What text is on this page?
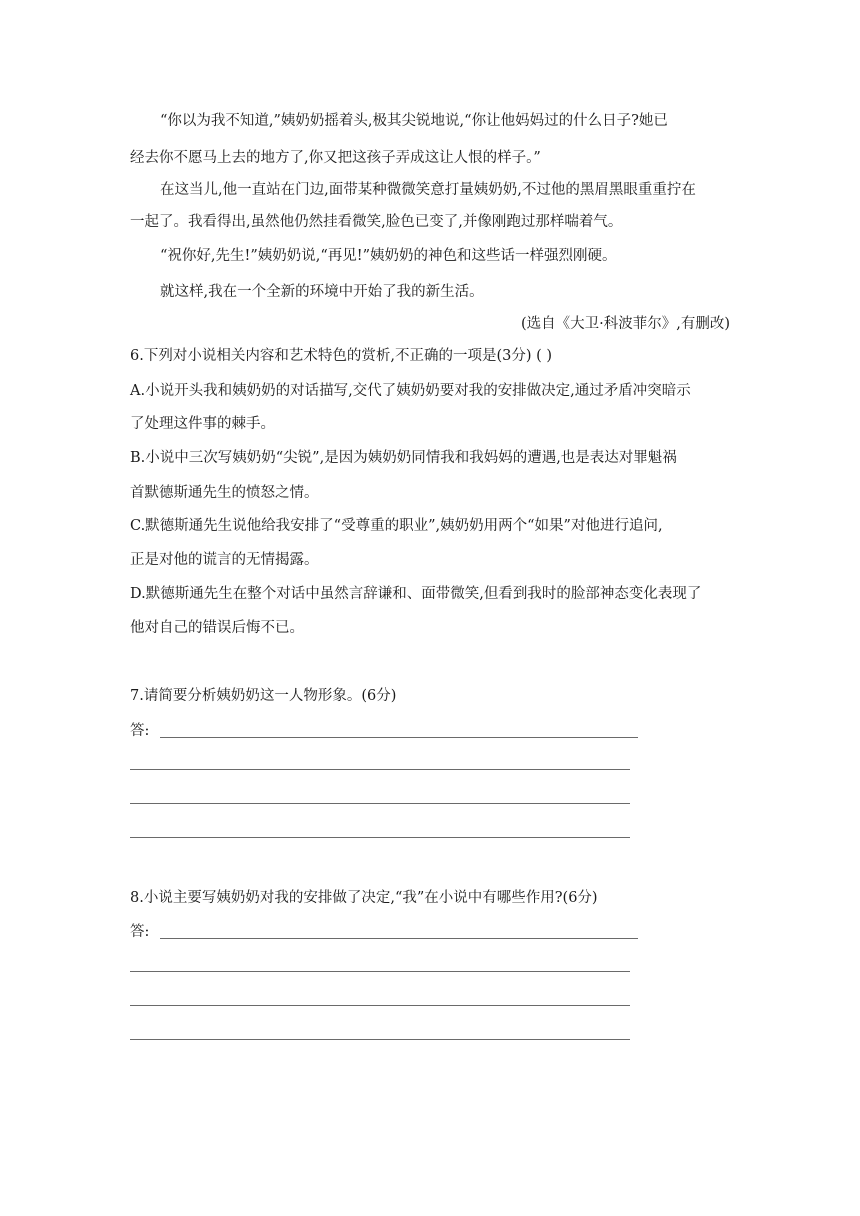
“你以为我不知道,”姨奶奶摇着头,极其尖锐地说,“你让他妈妈过的什么日子?她已
经去你不愿马上去的地方了,你又把这孩子弄成这让人恨的样子。”
在这当儿,他一直站在门边,面带某种微微笑意打量姨奶奶,不过他的黑眉黑眼重重拧在
一起了。我看得出,虽然他仍然挂看微笑,脸色已变了,并像刚跑过那样喘着气。
“祝你好,先生!”姨奶奶说,“再见!”姨奶奶的神色和这些话一样强烈刚硬。
就这样,我在一个全新的环境中开始了我的新生活。
(选自《大卫·科波菲尔》,有删改)
6.下列对小说相关内容和艺术特色的赏析,不正确的一项是(3分) ( )
A.小说开头我和姨奶奶的对话描写,交代了姨奶奶要对我的安排做决定,通过矛盾冲突暗示
了处理这件事的棘手。
B.小说中三次写姨奶奶“尖锐”,是因为姨奶奶同情我和我妈妈的遭遇,也是表达对罪魁祸
首默德斯通先生的愤怒之情。
C.默德斯通先生说他给我安排了“受尊重的职业”,姨奶奶用两个“如果”对他进行追问,
正是对他的谎言的无情揭露。
D.默德斯通先生在整个对话中虽然言辞谦和、面带微笑,但看到我时的脸部神态变化表现了
他对自己的错误后悔不已。
7.请简要分析姨奶奶这一人物形象。(6分)
答:
8.小说主要写姨奶奶对我的安排做了决定,“我”在小说中有哪些作用?(6分)
答:
